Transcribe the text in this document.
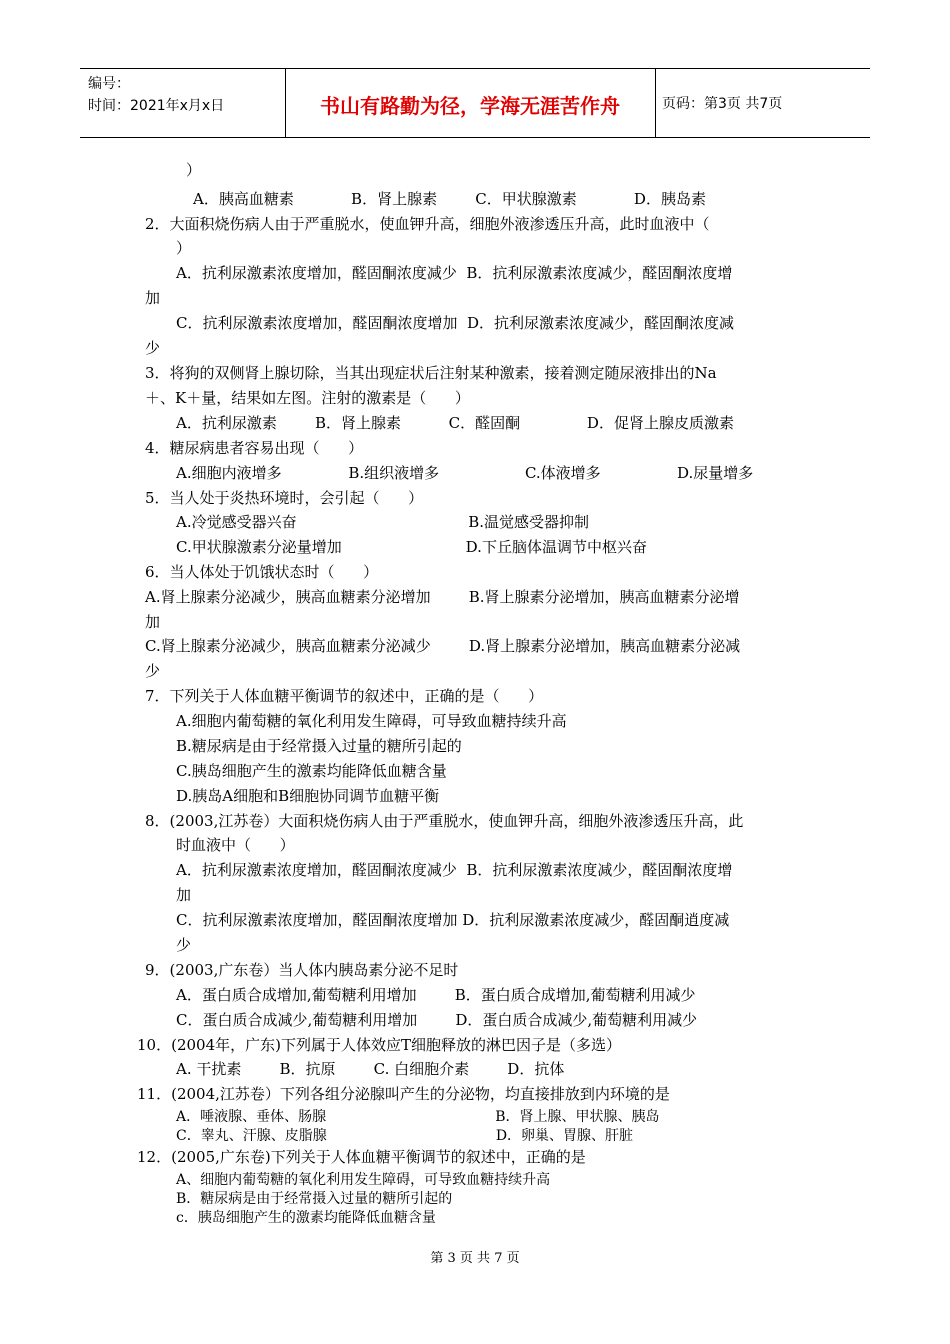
编号：
时间：2021年x月x日	书山有路勤为径，学海无涯苦作舟	页码：第3页 共7页
）
A．胰高血糖素            B．肾上腺素        C．甲状腺激素            D．胰岛素
2．大面积烧伤病人由于严重脱水，使血钾升高，细胞外液渗透压升高，此时血液中（
）
A．抗利尿激素浓度增加，醛固酮浓度减少  B．抗利尿激素浓度减少，醛固酮浓度增
加
C．抗利尿激素浓度增加，醛固酮浓度增加  D．抗利尿激素浓度减少，醛固酮浓度减
少
3．将狗的双侧肾上腺切除，当其出现症状后注射某种激素，接着测定随尿液排出的Na
＋、K＋量，结果如左图。注射的激素是（      ）
A．抗利尿激素        B．肾上腺素          C．醛固酮              D．促肾上腺皮质激素
4．糖尿病患者容易出现（      ）
A.细胞内液增多              B.组织液增多                  C.体液增多                D.尿量增多
5．当人处于炎热环境时，会引起（      ）
A.冷觉感受器兴奋                                    B.温觉感受器抑制
C.甲状腺激素分泌量增加                          D.下丘脑体温调节中枢兴奋
6．当人体处于饥饿状态时（      ）
A.肾上腺素分泌减少，胰高血糖素分泌增加        B.肾上腺素分泌增加，胰高血糖素分泌增
加
C.肾上腺素分泌减少，胰高血糖素分泌减少        D.肾上腺素分泌增加，胰高血糖素分泌减
少
7．下列关于人体血糖平衡调节的叙述中，正确的是（      ）
A.细胞内葡萄糖的氧化利用发生障碍，可导致血糖持续升高
B.糖尿病是由于经常摄入过量的糖所引起的
C.胰岛细胞产生的激素均能降低血糖含量
D.胰岛A细胞和B细胞协同调节血糖平衡
8．(2003,江苏卷）大面积烧伤病人由于严重脱水，使血钾升高，细胞外液渗透压升高，此
时血液中（      ）
A．抗利尿激素浓度增加，醛固酮浓度减少  B．抗利尿激素浓度减少，醛固酮浓度增
加
C．抗利尿激素浓度增加，醛固酮浓度增加 D．抗利尿激素浓度减少，醛固酮逍度减
少
9．(2003,广东卷）当人体内胰岛素分泌不足时
A．蛋白质合成增加,葡萄糖利用增加        B．蛋白质合成增加,葡萄糖利用减少
C．蛋白质合成减少,葡萄糖利用增加        D．蛋白质合成减少,葡萄糖利用减少
10．(2004年，广东)下列属于人体效应T细胞释放的淋巴因子是（多选）
A. 干扰素        B．抗原        C. 白细胞介素        D．抗体
11．(2004,江苏卷）下列各组分泌腺叫产生的分泌物，均直接排放到内环境的是
A．唾液腺、垂体、肠腺                                      B．肾上腺、甲状腺、胰岛
C．睾丸、汗腺、皮脂腺                                      D．卵巢、胃腺、肝脏
12．(2005,广东卷)下列关于人体血糖平衡调节的叙述中，正确的是
A、细胞内葡萄糖的氧化利用发生障碍，可导致血糖持续升高
B．糖尿病是由于经常摄入过量的糖所引起的
c．胰岛细胞产生的激素均能降低血糖含量
第 3 页 共 7 页
